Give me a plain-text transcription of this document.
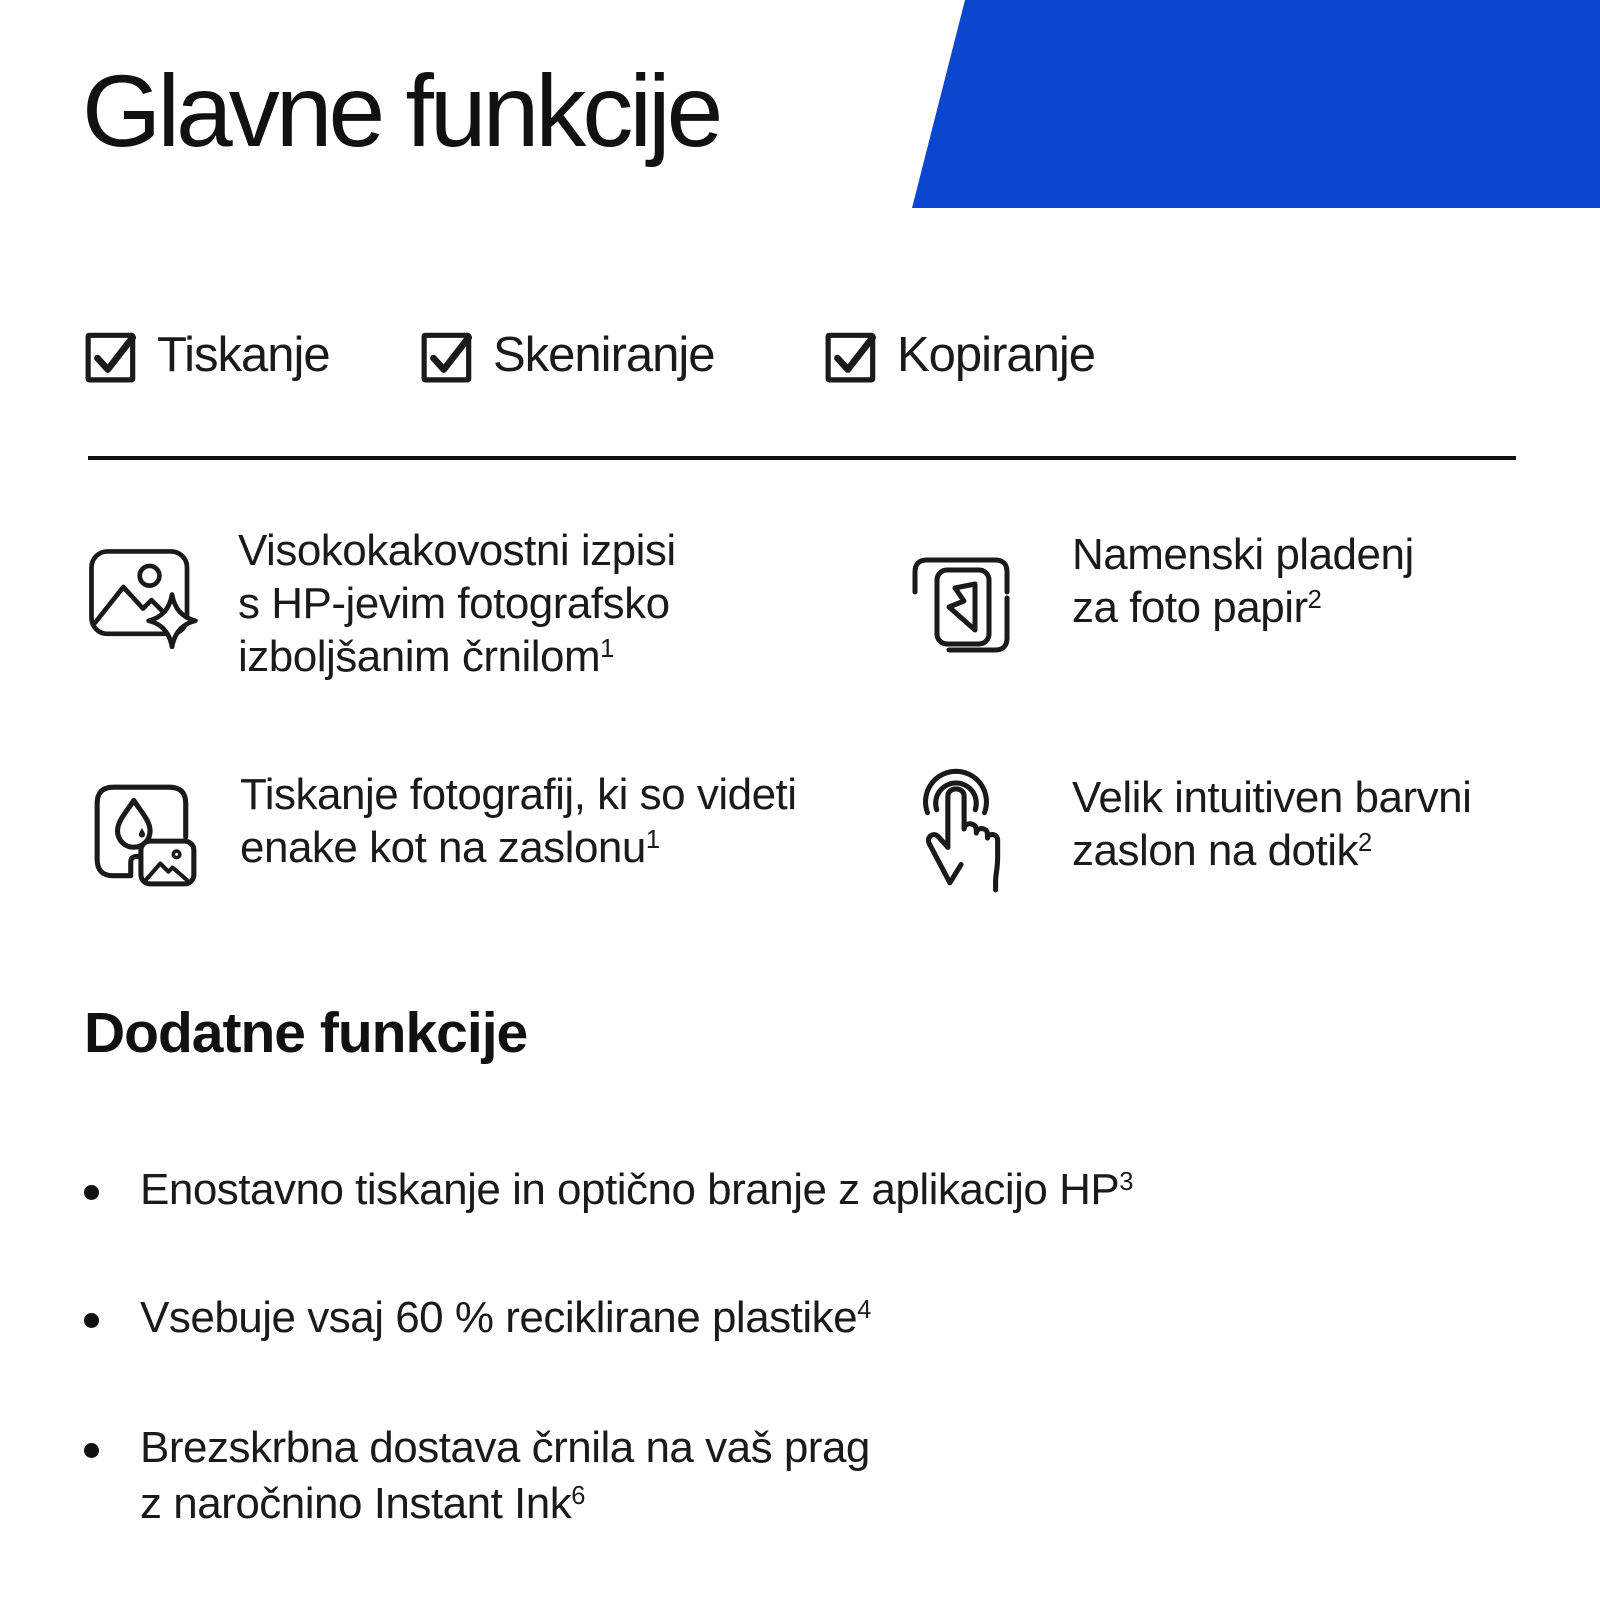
Glavne funkcije
Tiskanje	Skeniranje	Kopiranje
Visokokakovostni izpisi
s HP-jevim fotografsko
izboljšanim črnilom$^1$
Namenski pladenj
za foto papir$^2$
Tiskanje fotografij, ki so videti
enake kot na zaslonu$^1$
Velik intuitiven barvni
zaslon na dotik$^2$
Dodatne funkcije
Enostavno tiskanje in optično branje z aplikacijo $HP^3$
Vsebuje vsaj 60 % reciklirane plastike$^4$
Brezskrbna dostava črnila na vaš prag
z naročnino Instant Ink$^6$
